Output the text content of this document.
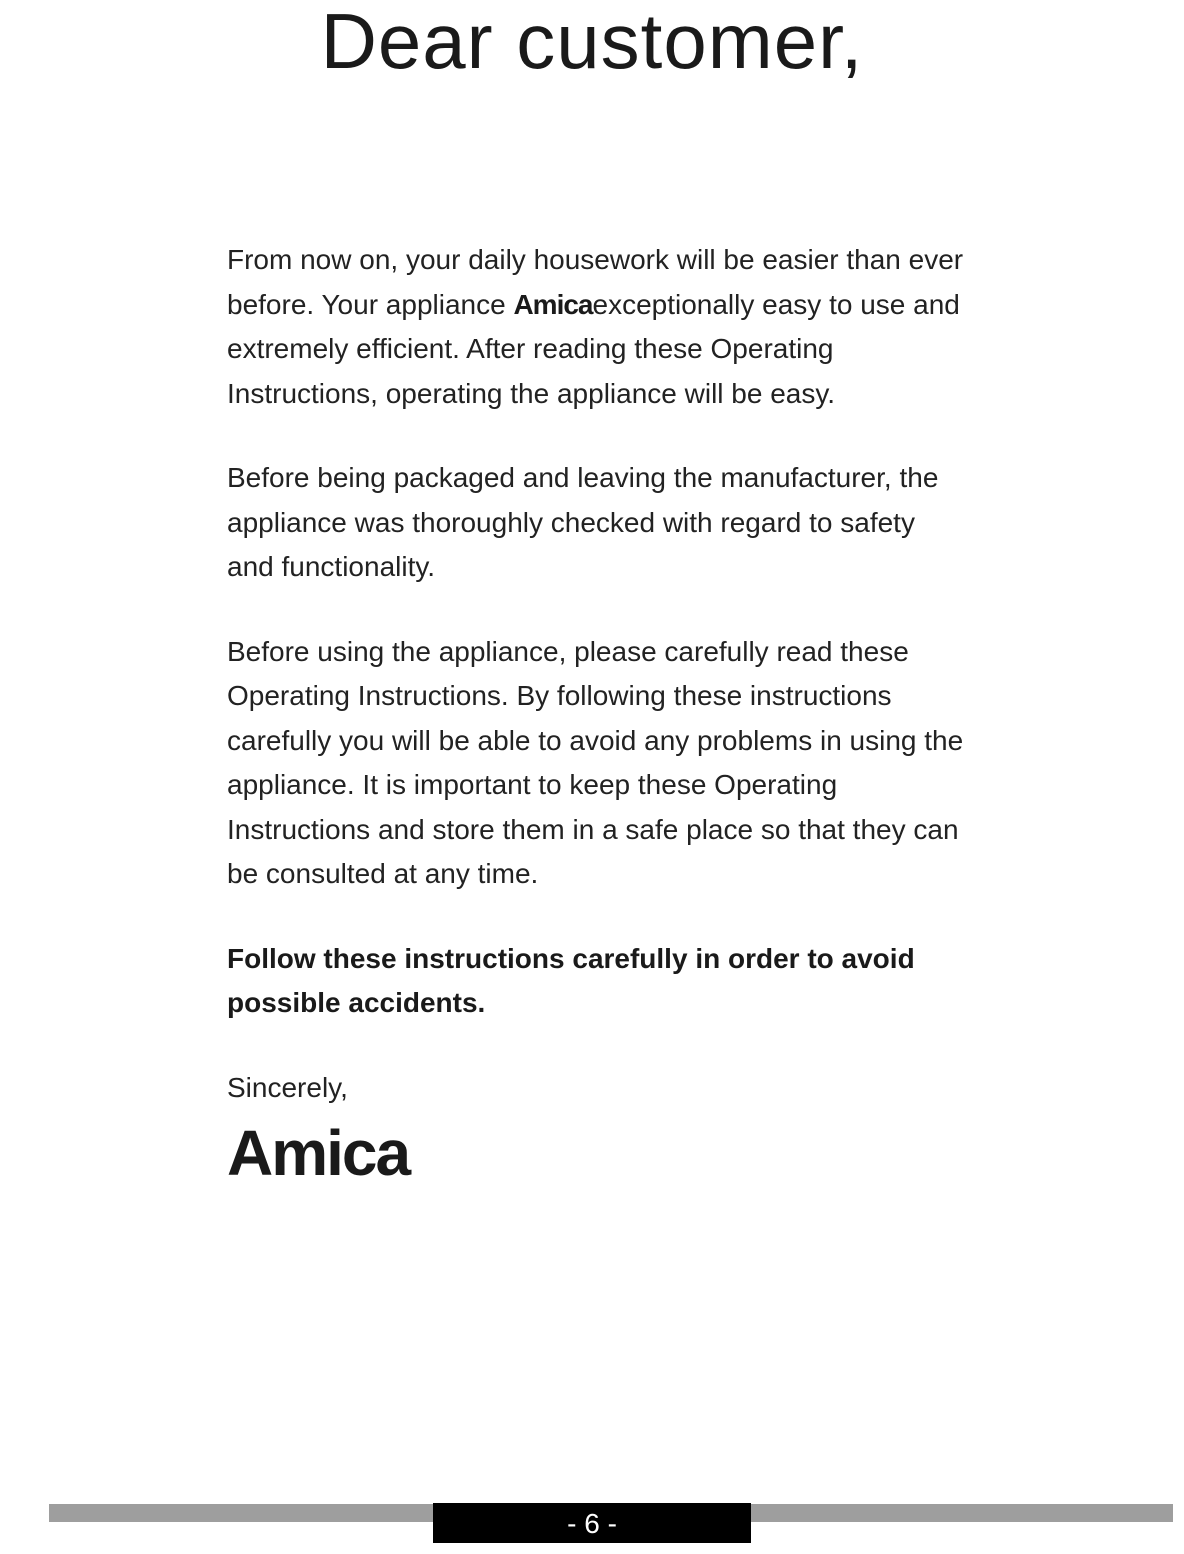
Dear customer,

From now on, your daily housework will be easier than ever before. Your appliance Amicaexceptionally easy to use and extremely efficient. After reading these Operating Instructions, operating the appliance will be easy.

Before being packaged and leaving the manufacturer, the appliance was thoroughly checked with regard to safety and functionality.

Before using the appliance, please carefully read these Operating Instructions. By following these instructions carefully you will be able to avoid any problems in using the appliance. It is important to keep these Operating Instructions and store them in a safe place so that they can be consulted at any time.

Follow these instructions carefully in order to avoid possible accidents.

Sincerely,

Amica
- 6 -
